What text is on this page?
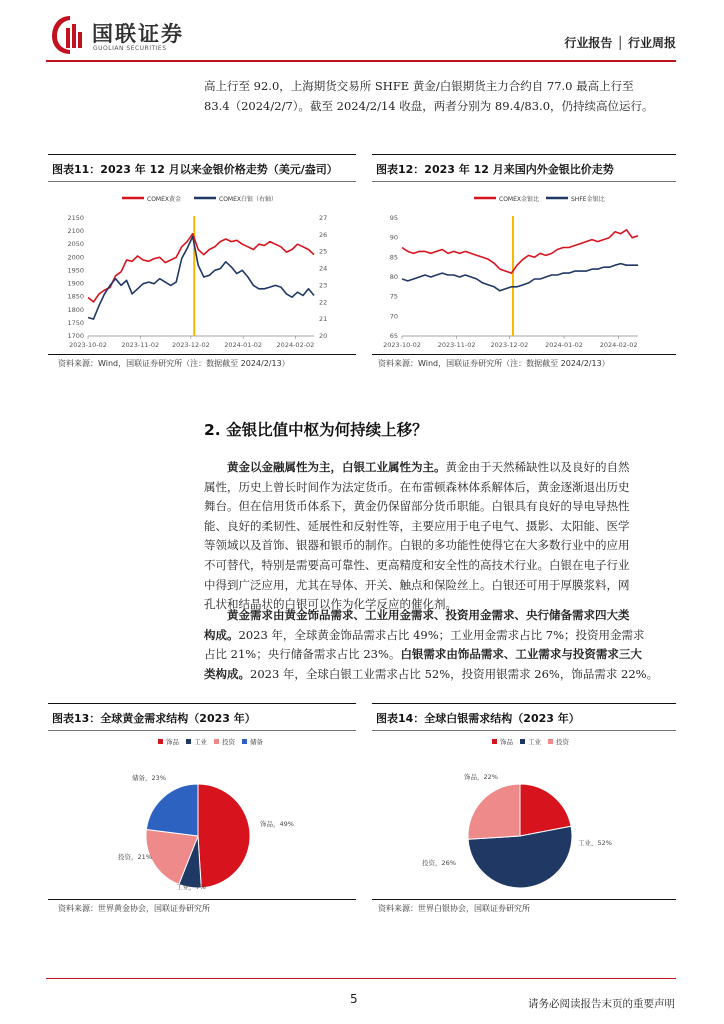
国联证券
GUOLIAN SECURITIES	行业报告 │ 行业周报
高上行至 92.0，上海期货交易所 SHFE 黄金/白银期货主力合约自 77.0 最高上行至
83.4（2024/2/7）。截至 2024/2/14 收盘，两者分别为 89.4/83.0，仍持续高位运行。
图表11：2023 年 12 月以来金银价格走势（美元/盎司）
COMEX黄金	COMEX白银（右轴）
2150
2100
2050
2000
1950
1900
1850
1800
1750
1700
27
26
25
24
23
22
21
20
2023-10-02 2023-11-02 2023-12-02 2024-01-02 2024-02-02
资料来源：Wind，国联证券研究所（注：数据截至 2024/2/13）
图表12：2023 年 12 月来国内外金银比价走势
COMEX金银比	SHFE金银比
95
90
85
80
75
70
65
2023-10-02	2023-11-02 2023-12-02	2024-01-02	2024-02-02
资料来源：Wind，国联证券研究所（注：数据截至 2024/2/13）
2. 金银比值中枢为何持续上移？
黄金以金融属性为主，白银工业属性为主。黄金由于天然稀缺性以及良好的自然
属性，历史上曾长时间作为法定货币。在布雷顿森林体系解体后，黄金逐渐退出历史
舞台。但在信用货币体系下，黄金仍保留部分货币职能。白银具有良好的导电导热性
能、良好的柔韧性、延展性和反射性等，主要应用于电子电气、摄影、太阳能、医学
等领域以及首饰、银器和银币的制作。白银的多功能性使得它在大多数行业中的应用
不可替代，特别是需要高可靠性、更高精度和安全性的高技术行业。白银在电子行业
中得到广泛应用，尤其在导体、开关、触点和保险丝上。白银还可用于厚膜浆料，网
孔状和结晶状的白银可以作为化学反应的催化剂。
黄金需求由黄金饰品需求、工业用金需求、投资用金需求、央行储备需求四大类
构成。2023 年，全球黄金饰品需求占比 49%；工业用金需求占比 7%；投资用金需求
占比 21%；央行储备需求占比 23%。白银需求由饰品需求、工业需求与投资需求三大
类构成。2023 年，全球白银工业需求占比 52%，投资用银需求 26%，饰品需求 22%。
图表13：全球黄金需求结构（2023 年）
饰品 工业 投资 储备
饰品，49%
工业，7%
投资，21%
储备，23%
资料来源：世界黄金协会，国联证券研究所
图表14：全球白银需求结构（2023 年）
饰品 工业 投资
饰品，22%
工业，52%
投资，26%
资料来源：世界白银协会，国联证券研究所
5	请务必阅读报告末页的重要声明
